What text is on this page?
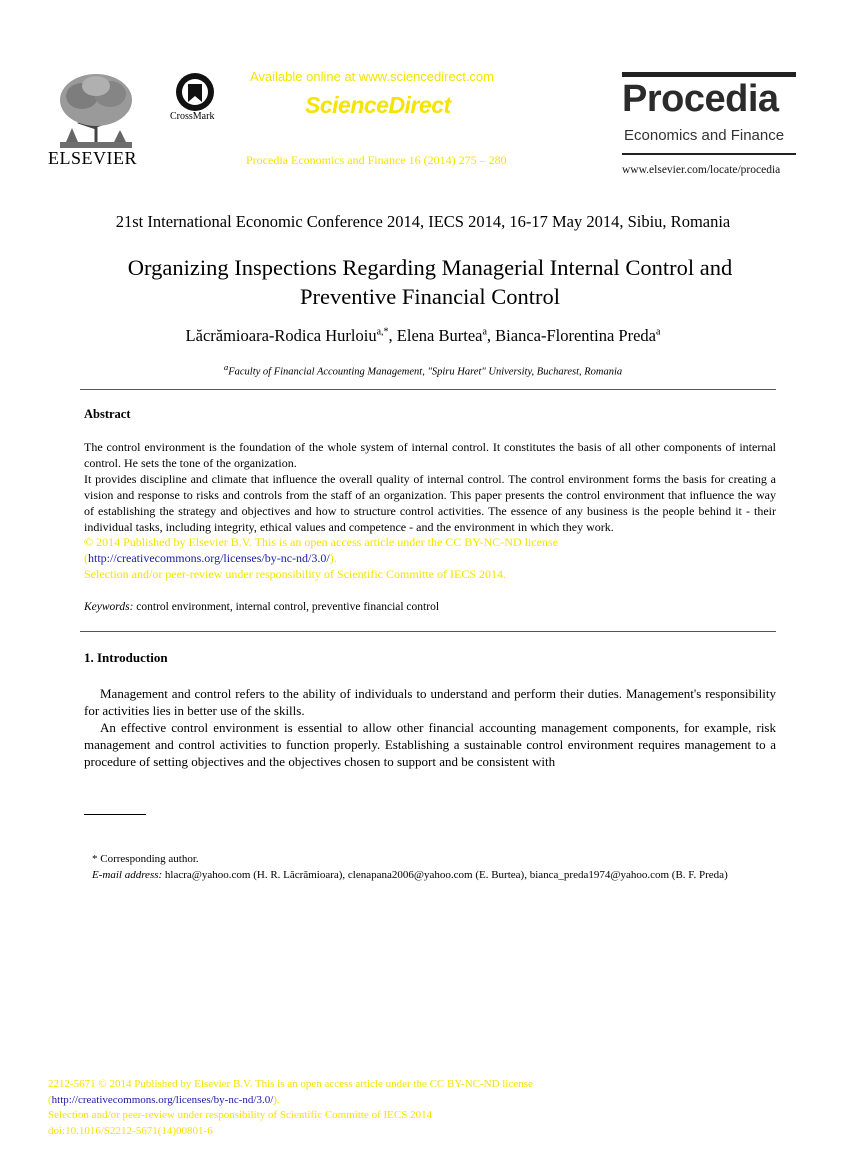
ELSEVIER
CrossMark
Available online at www.sciencedirect.com
ScienceDirect
Procedia Economics and Finance 16 (2014) 275 – 280
Procedia
Economics and Finance
www.elsevier.com/locate/procedia
21st International Economic Conference 2014, IECS 2014, 16-17 May 2014, Sibiu, Romania
Organizing Inspections Regarding Managerial Internal Control and
Preventive Financial Control
Lăcrămioara-Rodica Hurloiu$^{a,*}$, Elena Burtea$^a$, Bianca-Florentina Preda$^a$
$^a$Faculty of Financial Accounting Management, "Spiru Haret" University, Bucharest, Romania
Abstract

The control environment is the foundation of the whole system of internal control. It constitutes the basis of all other components of internal control. He sets the tone of the organization.

It provides discipline and climate that influence the overall quality of internal control. The control environment forms the basis for creating a vision and response to risks and controls from the staff of an organization. This paper presents the control environment that influence the way of establishing the strategy and objectives and how to structure control activities. The essence of any business is the people behind it - their individual tasks, including integrity, ethical values and competence - and the environment in which they work.

© 2014 Published by Elsevier B.V. This is an open access article under the CC BY-NC-ND license

(http://creativecommons.org/licenses/by-nc-nd/3.0/).

Selection and/or peer-review under responsibility of Scientific Committe of IECS 2014.

Keywords: control environment, internal control, preventive financial control
1. Introduction

Management and control refers to the ability of individuals to understand and perform their duties. Management's responsibility for activities lies in better use of the skills.

An effective control environment is essential to allow other financial accounting management components, for example, risk management and control activities to function properly. Establishing a sustainable control environment requires management to a procedure of setting objectives and the objectives chosen to support and be consistent with

* Corresponding author.

E-mail address: hlacra@yahoo.com (H. R. Lăcrămioara), clenapana2006@yahoo.com (E. Burtea), bianca_preda1974@yahoo.com (B. F. Preda)

2212-5671 © 2014 Published by Elsevier B.V. This is an open access article under the CC BY-NC-ND license
(http://creativecommons.org/licenses/by-nc-nd/3.0/).
Selection and/or peer-review under responsibility of Scientific Committe of IECS 2014
doi:10.1016/S2212-5671(14)00801-6
